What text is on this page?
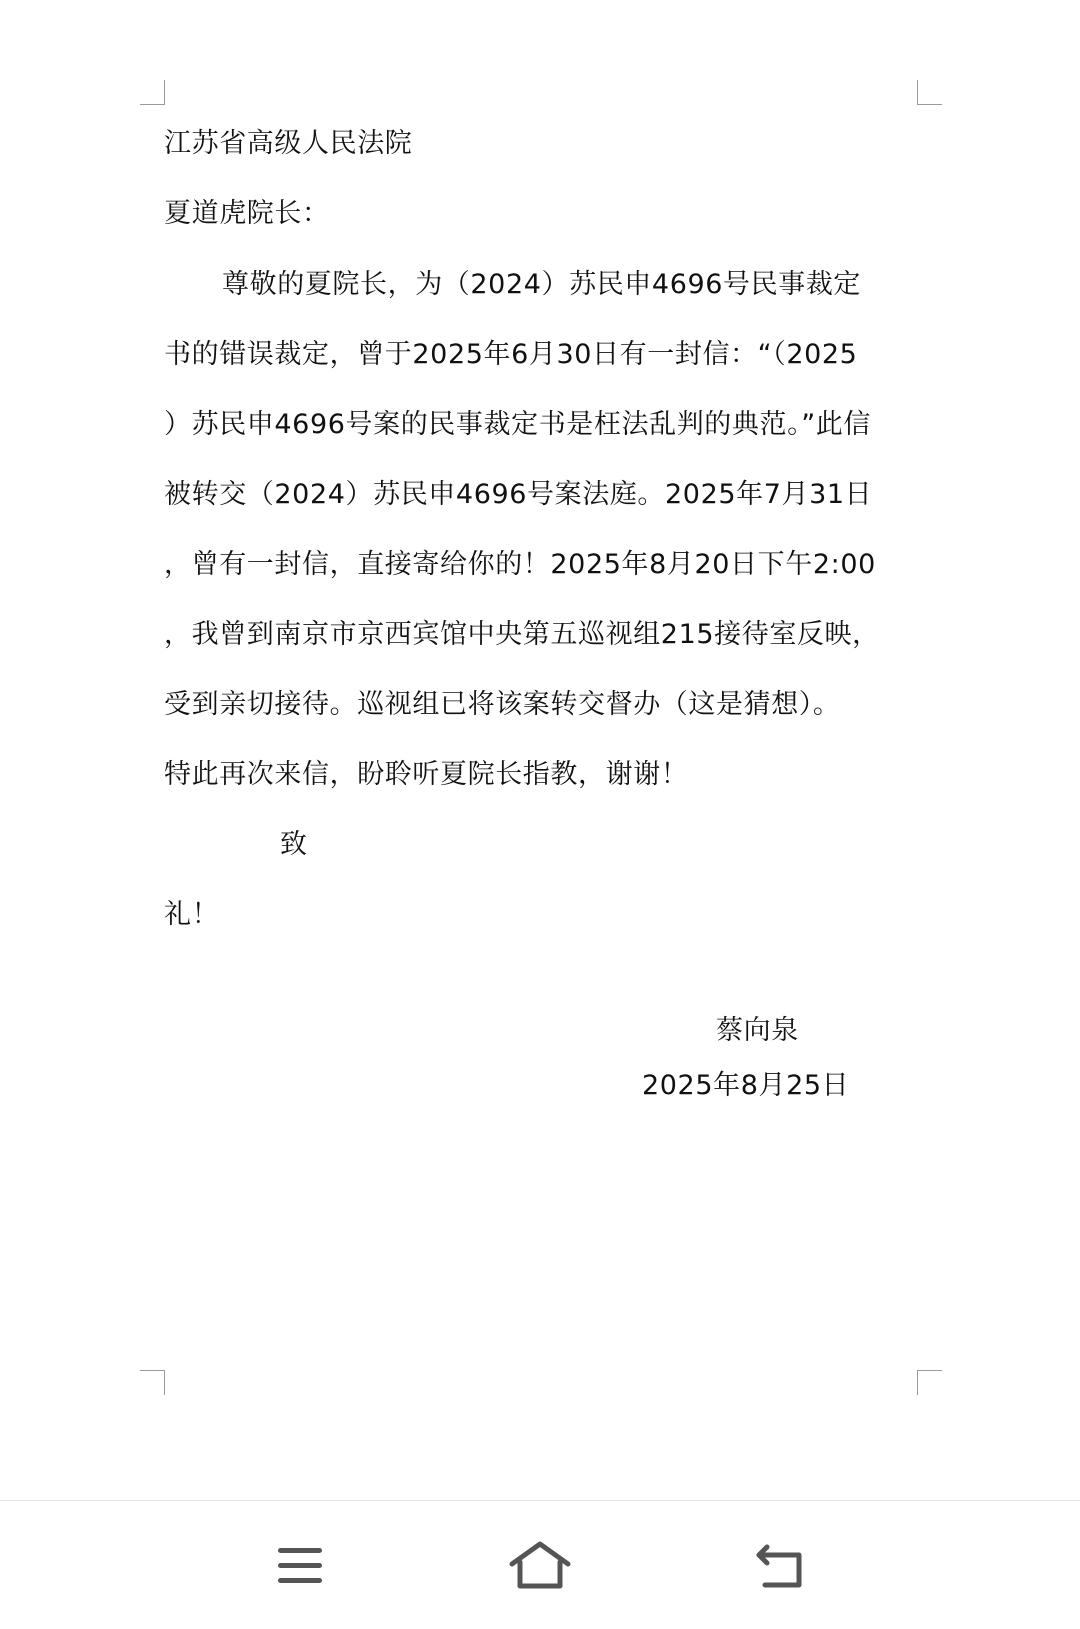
江苏省高级人民法院
夏道虎院长：
尊敬的夏院长，为（2024）苏民申4696号民事裁定
书的错误裁定，曾于2025年6月30日有一封信：“（2025
）苏民申4696号案的民事裁定书是枉法乱判的典范。”此信
被转交（2024）苏民申4696号案法庭。2025年7月31日
，曾有一封信，直接寄给你的！2025年8月20日下午2:00
，我曾到南京市京西宾馆中央第五巡视组215接待室反映，
受到亲切接待。巡视组已将该案转交督办（这是猜想）。
特此再次来信，盼聆听夏院长指教，谢谢！
致
礼！
蔡向泉
2025年8月25日
